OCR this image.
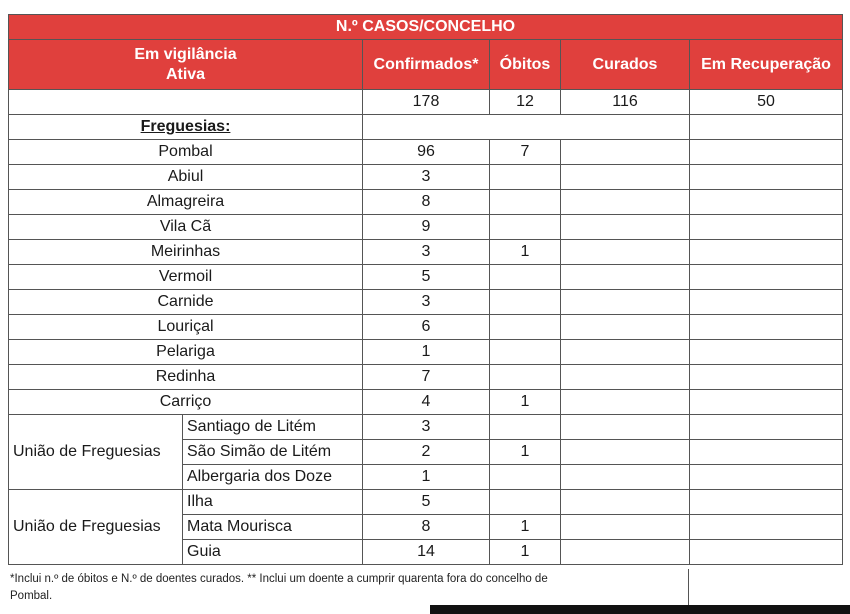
N.º CASOS/CONCELHO					
Em vigilância
Ativa		Confirmados*	Óbitos	Curados	Em Recuperação
		178	12	116	50
Freguesias:					
Pombal		96	7		
Abiul		3			
Almagreira		8			
Vila Cã		9			
Meirinhas		3	1		
Vermoil		5			
Carnide		3			
Louriçal		6			
Pelariga		1			
Redinha		7			
Carriço		4	1		
União de Freguesias	Santiago de Litém	3			
	São Simão de Litém	2	1		
	Albergaria dos Doze	1			
União de Freguesias	Ilha	5			
	Mata Mourisca	8	1		
	Guia	14	1		
*Inclui n.º de óbitos e N.º de doentes curados. ** Inclui um doente a cumprir quarenta fora do concelho de Pombal.
